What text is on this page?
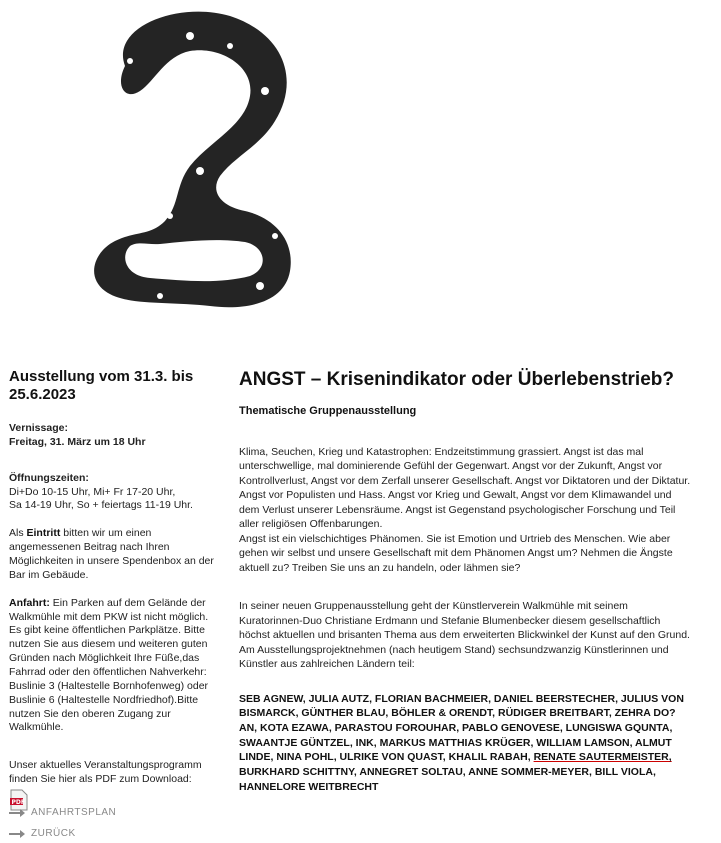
Ausstellung vom 31.3. bis 25.6.2023
Vernissage:
Freitag, 31. März um 18 Uhr
Öffnungszeiten:
Di+Do 10-15 Uhr, Mi+ Fr 17-20 Uhr,
Sa 14-19 Uhr, So + feiertags 11-19 Uhr.
Als Eintritt bitten wir um einen angemessenen Beitrag nach Ihren Möglichkeiten in unsere Spendenbox an der Bar im Gebäude.
Anfahrt: Ein Parken auf dem Gelände der Walkmühle mit dem PKW ist nicht möglich. Es gibt keine öffentlichen Parkplätze. Bitte nutzen Sie aus diesem und weiteren guten Gründen nach Möglichkeit Ihre Füße,das Fahrrad oder den öffentlichen Nahverkehr: Buslinie 3 (Haltestelle Bornhofenweg) oder Buslinie 6 (Haltestelle Nordfriedhof).Bitte nutzen Sie den oberen Zugang zur Walkmühle.
Unser aktuelles Veranstaltungsprogramm finden Sie hier als PDF zum Download:
PDF
ANFAHRTSPLAN
ZURÜCK
ANGST – Krisenindikator oder Überlebenstrieb?
Thematische Gruppenausstellung
Klima, Seuchen, Krieg und Katastrophen: Endzeitstimmung grassiert. Angst ist das mal unterschwellige, mal dominierende Gefühl der Gegenwart. Angst vor der Zukunft, Angst vor Kontrollverlust, Angst vor dem Zerfall unserer Gesellschaft. Angst vor Diktatoren und der Diktatur. Angst vor Populisten und Hass. Angst vor Krieg und Gewalt, Angst vor dem Klimawandel und dem Verlust unserer Lebensräume. Angst ist Gegenstand psychologischer Forschung und Teil aller religiösen Offenbarungen.

Angst ist ein vielschichtiges Phänomen. Sie ist Emotion und Urtrieb des Menschen. Wie aber gehen wir selbst und unsere Gesellschaft mit dem Phänomen Angst um? Nehmen die Ängste aktuell zu? Treiben Sie uns an zu handeln, oder lähmen sie?

In seiner neuen Gruppenausstellung geht der Künstlerverein Walkmühle mit seinem Kuratorinnen-Duo Christiane Erdmann und Stefanie Blumenbecker diesem gesellschaftlich höchst aktuellen und brisanten Thema aus dem erweiterten Blickwinkel der Kunst auf den Grund.

Am Ausstellungsprojektnehmen (nach heutigem Stand) sechsundzwanzig Künstlerinnen und Künstler aus zahlreichen Ländern teil:

SEB AGNEW, JULIA AUTZ, FLORIAN BACHMEIER, DANIEL BEERSTECHER, JULIUS VON BISMARCK, GÜNTHER BLAU, BÖHLER & ORENDT, RÜDIGER BREITBART, ZEHRA DO?AN, KOTA EZAWA, PARASTOU FOROUHAR, PABLO GENOVESE, LUNGISWA GQUNTA, SWAANTJE GÜNTZEL, INK, MARKUS MATTHIAS KRÜGER, WILLIAM LAMSON, ALMUT LINDE, NINA POHL, ULRIKE VON QUAST, KHALIL RABAH, RENATE SAUTERMEISTER, BURKHARD SCHITTNY, ANNEGRET SOLTAU, ANNE SOMMER-MEYER, BILL VIOLA, HANNELORE WEITBRECHT
